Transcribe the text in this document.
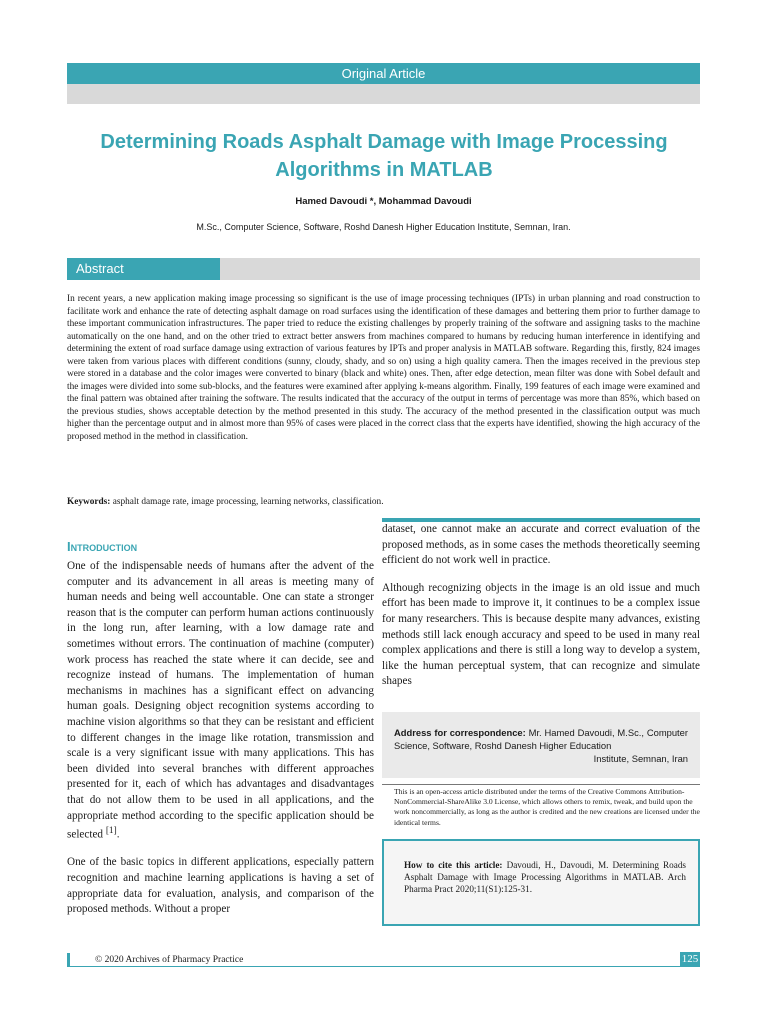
Original Article
Determining Roads Asphalt Damage with Image Processing Algorithms in MATLAB
Hamed Davoudi *, Mohammad Davoudi
M.Sc., Computer Science, Software, Roshd Danesh Higher Education Institute, Semnan, Iran.
Abstract

In recent years, a new application making image processing so significant is the use of image processing techniques (IPTs) in urban planning and road construction to facilitate work and enhance the rate of detecting asphalt damage on road surfaces using the identification of these damages and bettering them prior to further damage to these important communication infrastructures. The paper tried to reduce the existing challenges by properly training of the software and assigning tasks to the machine automatically on the one hand, and on the other tried to extract better answers from machines compared to humans by reducing human interference in identifying and determining the extent of road surface damage using extraction of various features by IPTs and proper analysis in MATLAB software. Regarding this, firstly, 824 images were taken from various places with different conditions (sunny, cloudy, shady, and so on) using a high quality camera. Then the images received in the previous step were stored in a database and the color images were converted to binary (black and white) ones. Then, after edge detection, mean filter was done with Sobel default and the images were divided into some sub-blocks, and the features were examined after applying k-means algorithm. Finally, 199 features of each image were examined and the final pattern was obtained after training the software. The results indicated that the accuracy of the output in terms of percentage was more than 85%, which based on the previous studies, shows acceptable detection by the method presented in this study. The accuracy of the method presented in the classification output was much higher than the percentage output and in almost more than 95% of cases were placed in the correct class that the experts have identified, showing the high accuracy of the proposed method in the method in classification.

Keywords: asphalt damage rate, image processing, learning networks, classification.

Introduction

One of the indispensable needs of humans after the advent of the computer and its advancement in all areas is meeting many of human needs and being well accountable. One can state a stronger reason that is the computer can perform human actions continuously in the long run, after learning, with a low damage rate and sometimes without errors. The continuation of machine (computer) work process has reached the state where it can decide, see and recognize instead of humans. The implementation of human mechanisms in machines has a significant effect on advancing human goals. Designing object recognition systems according to machine vision algorithms so that they can be resistant and efficient to different changes in the image like rotation, transmission and scale is a very significant issue with many applications. This has been divided into several branches with different approaches presented for it, each of which has advantages and disadvantages that do not allow them to be used in all applications, and the appropriate method according to the specific application should be selected [1].

One of the basic topics in different applications, especially pattern recognition and machine learning applications is having a set of appropriate data for evaluation, analysis, and comparison of the proposed methods. Without a proper

dataset, one cannot make an accurate and correct evaluation of the proposed methods, as in some cases the methods theoretically seeming efficient do not work well in practice.

Although recognizing objects in the image is an old issue and much effort has been made to improve it, it continues to be a complex issue for many researchers. This is because despite many advances, existing methods still lack enough accuracy and speed to be used in many real complex applications and there is still a long way to develop a system, like the human perceptual system, that can recognize and simulate shapes

Address for correspondence: Mr. Hamed Davoudi, M.Sc., Computer Science, Software, Roshd Danesh Higher Education
Institute, Semnan, Iran

This is an open-access article distributed under the terms of the Creative Commons Attribution-NonCommercial-ShareAlike 3.0 License, which allows others to remix, tweak, and build upon the work noncommercially, as long as the author is credited and the new creations are licensed under the identical terms.

How to cite this article: Davoudi, H., Davoudi, M. Determining Roads Asphalt Damage with Image Processing Algorithms in MATLAB. Arch Pharma Pract 2020;11(S1):125-31.
© 2020 Archives of Pharmacy Practice	125
